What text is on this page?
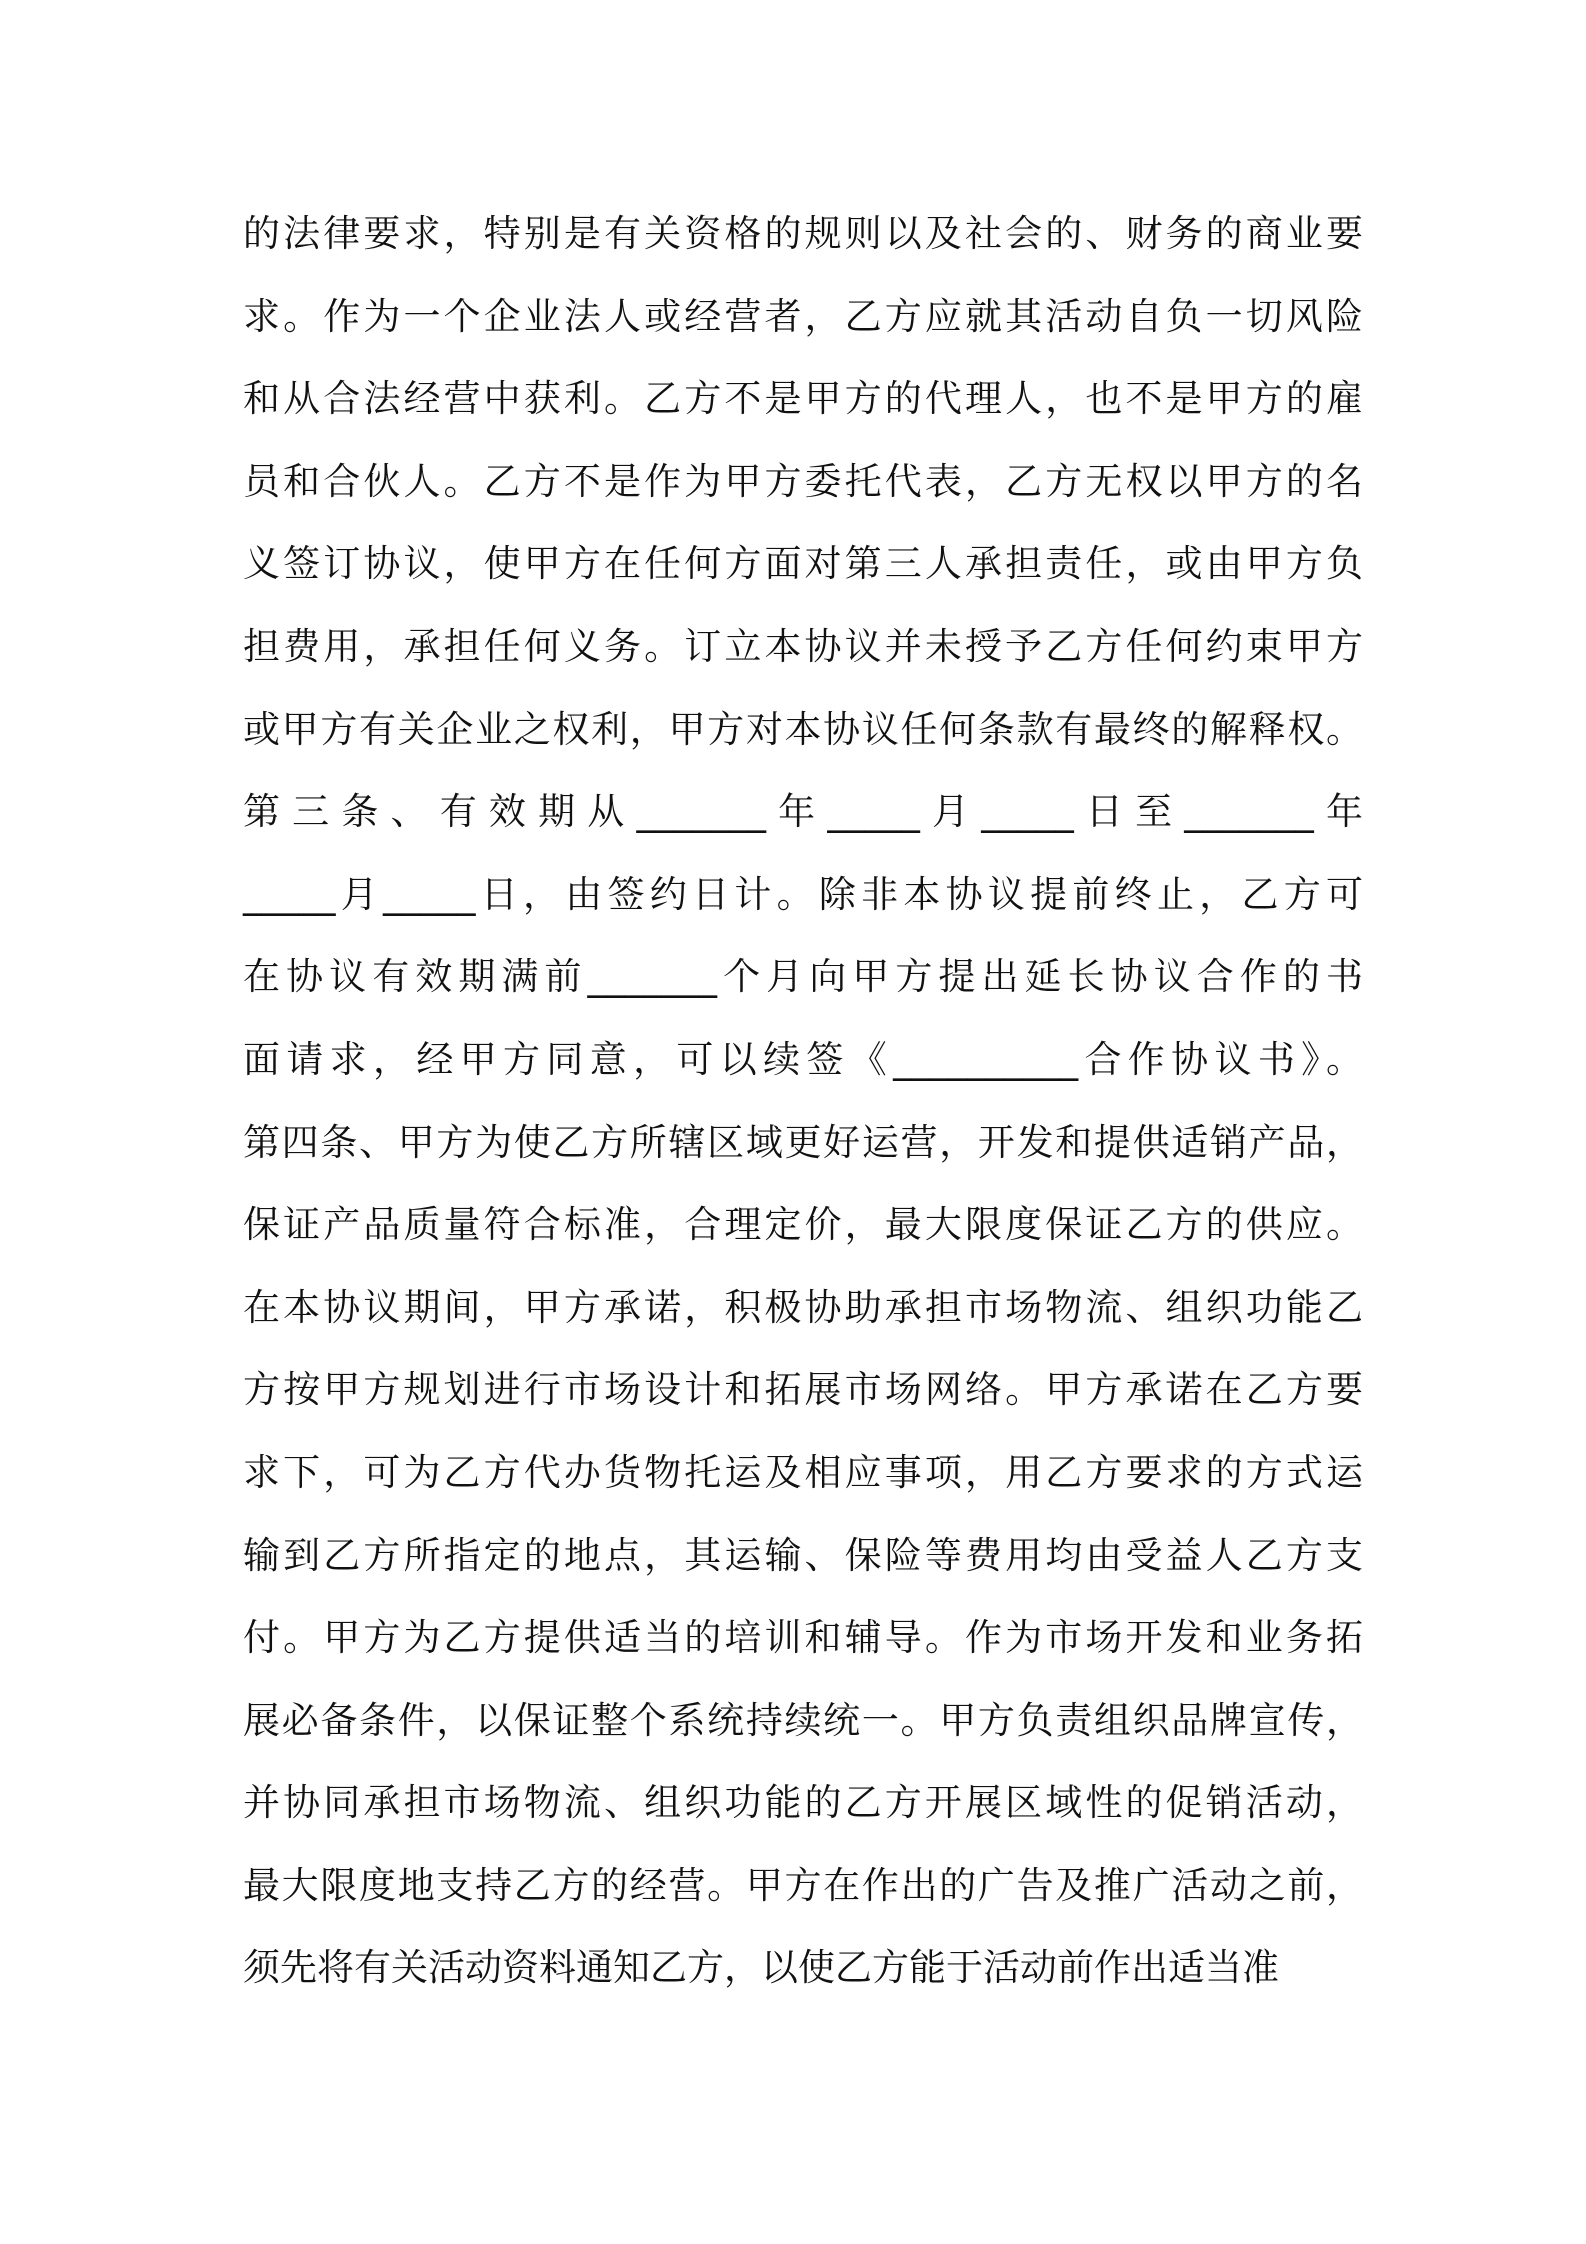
的法律要求，特别是有关资格的规则以及社会的、财务的商业要
求。作为一个企业法人或经营者，乙方应就其活动自负一切风险
和从合法经营中获利。乙方不是甲方的代理人，也不是甲方的雇
员和合伙人。乙方不是作为甲方委托代表，乙方无权以甲方的名
义签订协议，使甲方在任何方面对第三人承担责任，或由甲方负
担费用，承担任何义务。订立本协议并未授予乙方任何约束甲方
或甲方有关企业之权利，甲方对本协议任何条款有最终的解释权。
第三条、有效期从_______年_____月_____日至_______年
_____月_____日，由签约日计。除非本协议提前终止，乙方可
在协议有效期满前_______个月向甲方提出延长协议合作的书
面请求，经甲方同意，可以续签《__________合作协议书》。
第四条、甲方为使乙方所辖区域更好运营，开发和提供适销产品，
保证产品质量符合标准，合理定价，最大限度保证乙方的供应。
在本协议期间，甲方承诺，积极协助承担市场物流、组织功能乙
方按甲方规划进行市场设计和拓展市场网络。甲方承诺在乙方要
求下，可为乙方代办货物托运及相应事项，用乙方要求的方式运
输到乙方所指定的地点，其运输、保险等费用均由受益人乙方支
付。甲方为乙方提供适当的培训和辅导。作为市场开发和业务拓
展必备条件，以保证整个系统持续统一。甲方负责组织品牌宣传，
并协同承担市场物流、组织功能的乙方开展区域性的促销活动，
最大限度地支持乙方的经营。甲方在作出的广告及推广活动之前，
须先将有关活动资料通知乙方，以使乙方能于活动前作出适当准
